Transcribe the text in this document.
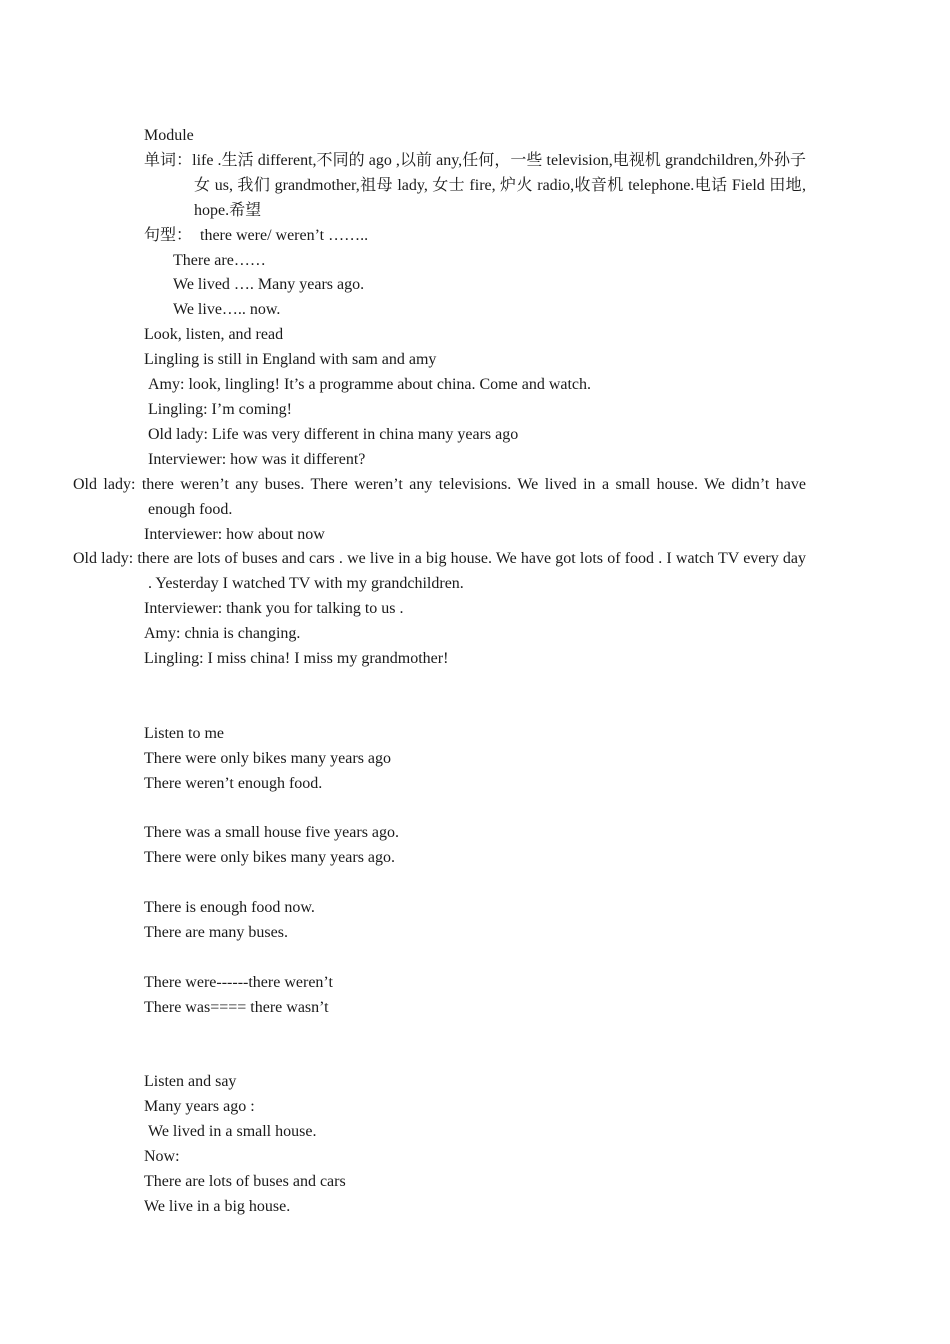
Module
单词：life .生活 different,不同的 ago ,以前 any,任何，一些 television,电视机 grandchildren,外孙子女 us, 我们 grandmother,祖母 lady, 女士 fire, 炉火 radio,收音机 telephone.电话 Field 田地, hope.希望
句型：  there were/ weren’t ……..
There are……
We lived …. Many years ago.
We live….. now.
Look, listen, and read
Lingling is still in England with sam and amy
Amy: look, lingling! It’s a programme about china. Come and watch.
Lingling: I’m coming!
Old lady: Life was very different in china many years ago
Interviewer: how was it different?
Old lady: there weren’t any buses. There weren’t any televisions. We lived in a small house. We didn’t have enough food.
Interviewer: how about now
Old lady: there are lots of buses and cars . we live in a big house. We have got lots of food . I watch TV every day . Yesterday I watched TV with my grandchildren.
Interviewer: thank you for talking to us .
Amy: chnia is changing.
Lingling: I miss china! I miss my grandmother!
Listen to me
There were only bikes many years ago
There weren’t enough food.
There was a small house five years ago.
There were only bikes many years ago.
There is enough food now.
There are many buses.
There were------there weren’t
There was==== there wasn’t
Listen and say
Many years ago :
We lived in a small house.
Now:
There are lots of buses and cars
We live in a big house.
